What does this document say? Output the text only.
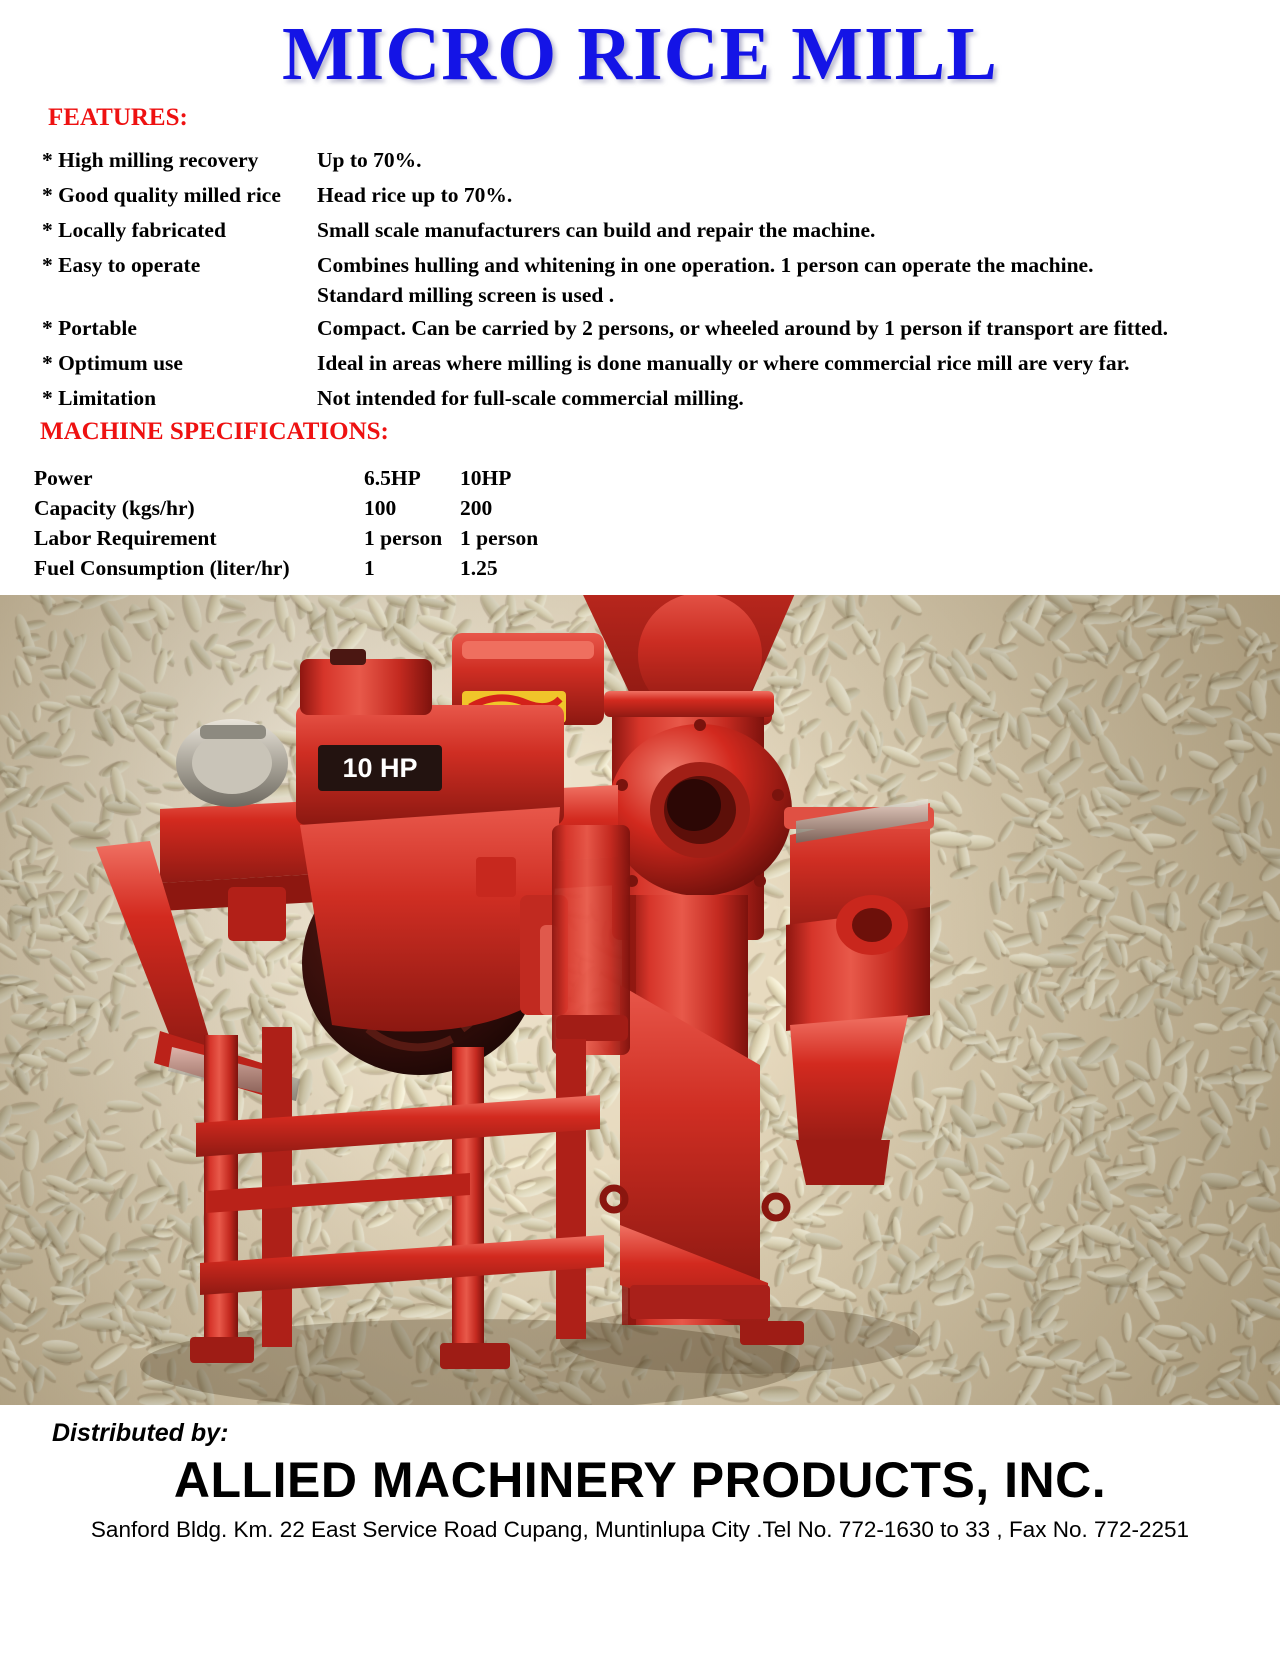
MICRO RICE MILL
FEATURES:
* High milling recovery	Up to 70%.
* Good quality milled rice	Head rice up to 70%.
* Locally fabricated	Small scale manufacturers can build and repair the machine.
* Easy to operate	Combines hulling and whitening in one operation. 1 person can operate the machine.
Standard milling screen is used .
* Portable	Compact. Can be carried by 2 persons, or wheeled around by 1 person if transport are fitted.
* Optimum use	Ideal in areas where milling is done manually or where commercial rice mill are very far.
* Limitation	Not intended for full-scale commercial milling.
MACHINE SPECIFICATIONS:
Power	6.5HP	10HP
Capacity (kgs/hr)	100	200
Labor Requirement	1 person	1 person
Fuel Consumption (liter/hr)	1	1.25
10 HP
Distributed by:
ALLIED MACHINERY PRODUCTS, INC.
Sanford Bldg. Km. 22 East Service Road Cupang, Muntinlupa City .Tel No. 772-1630 to 33 , Fax No. 772-2251
